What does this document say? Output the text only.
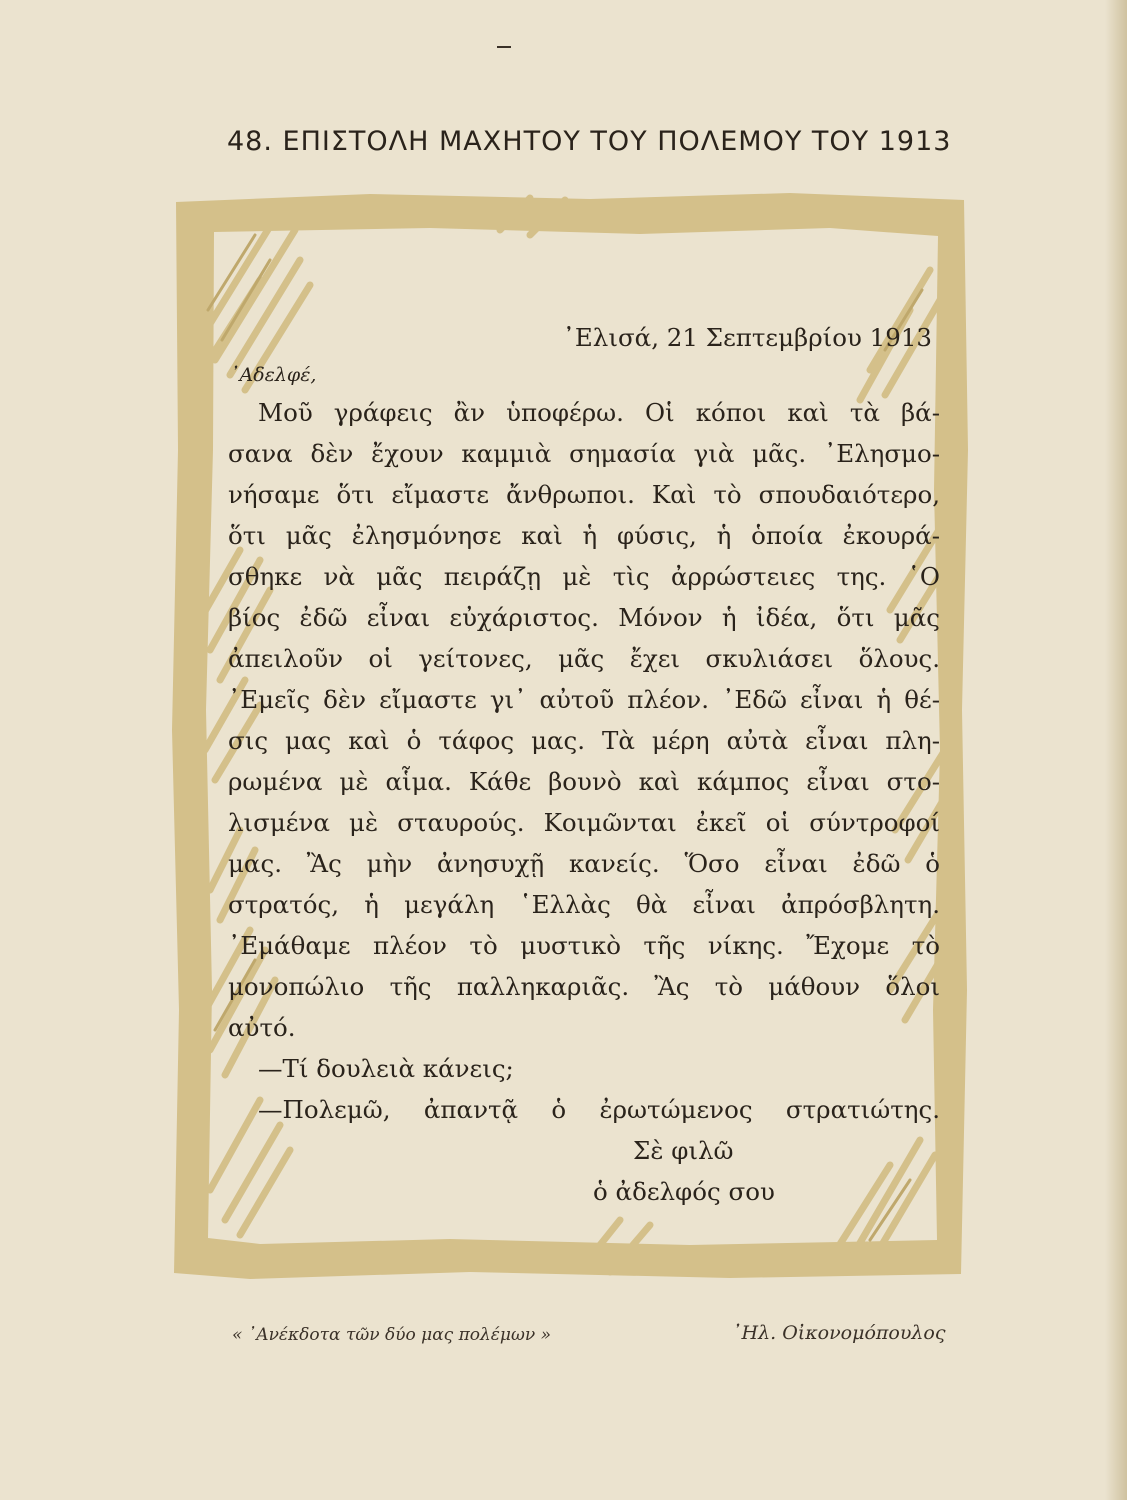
48. ΕΠΙΣΤΟΛΗ ΜΑΧΗΤΟΥ ΤΟΥ ΠΟΛΕΜΟΥ ΤΟΥ 1913
᾿Ελισά, 21 Σεπτεμβρίου 1913
᾿Αδελφέ,
Μοῦ γράφεις ἂν ὑποφέρω. Οἱ κόποι καὶ τὰ βά-
σανα δὲν ἔχουν καμμιὰ σημασία γιὰ μᾶς. ᾿Ελησμο-
νήσαμε ὅτι εἴμαστε ἄνθρωποι. Καὶ τὸ σπουδαιότερο,
ὅτι μᾶς ἐλησμόνησε καὶ ἡ φύσις, ἡ ὁποία ἐκουρά-
σθηκε νὰ μᾶς πειράζῃ μὲ τὶς ἀρρώστειες της. ῾Ο
βίος ἐδῶ εἶναι εὐχάριστος. Μόνον ἡ ἰδέα, ὅτι μᾶς
ἀπειλοῦν οἱ γείτονες, μᾶς ἔχει σκυλιάσει ὅλους.
᾿Εμεῖς δὲν εἴμαστε γι᾿ αὐτοῦ πλέον. ᾿Εδῶ εἶναι ἡ θέ-
σις μας καὶ ὁ τάφος μας. Τὰ μέρη αὐτὰ εἶναι πλη-
ρωμένα μὲ αἷμα. Κάθε βουνὸ καὶ κάμπος εἶναι στο-
λισμένα μὲ σταυρούς. Κοιμῶνται ἐκεῖ οἱ σύντροφοί
μας. Ἂς μὴν ἀνησυχῇ κανείς. Ὅσο εἶναι ἐδῶ ὁ
στρατός, ἡ μεγάλη ῾Ελλὰς θὰ εἶναι ἀπρόσβλητη.
᾿Εμάθαμε πλέον τὸ μυστικὸ τῆς νίκης. Ἔχομε τὸ
μονοπώλιο τῆς παλληκαριᾶς. Ἂς τὸ μάθουν ὅλοι
αὐτό.
—Τί δουλειὰ κάνεις;
—Πολεμῶ, ἀπαντᾷ ὁ ἐρωτώμενος στρατιώτης.
Σὲ φιλῶ
ὁ ἀδελφός σου
« ᾿Ανέκδοτα τῶν δύο μας πολέμων »	᾿Ηλ. Οἰκονομόπουλος
